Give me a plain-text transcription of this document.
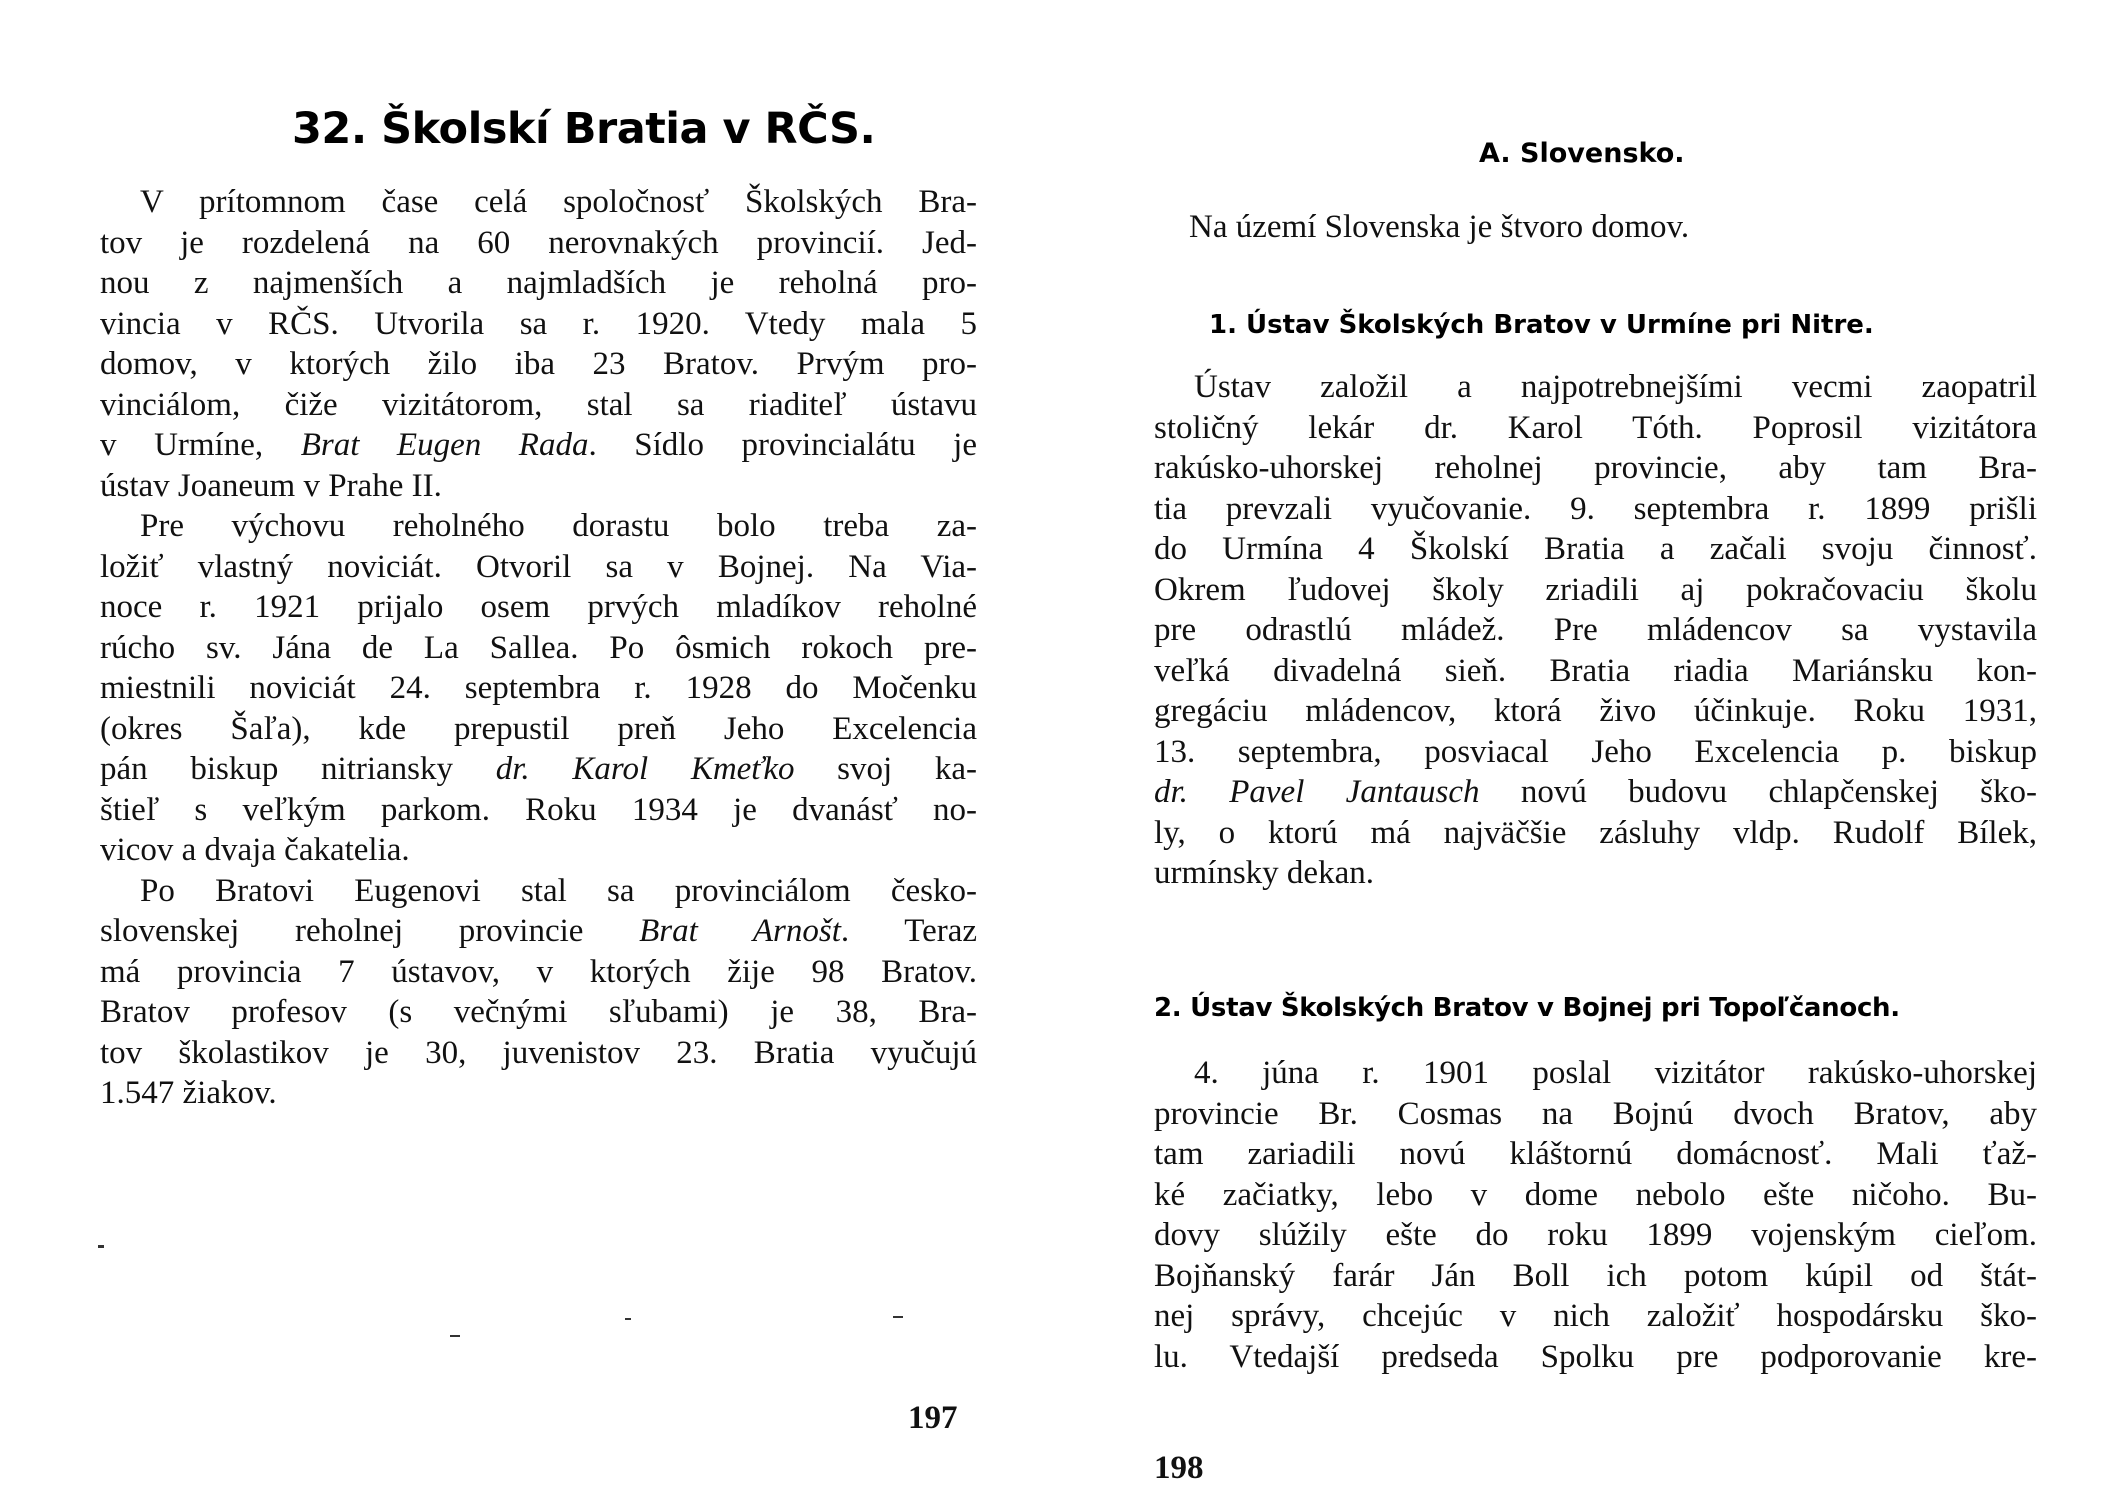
32. Školskí Bratia v RČS.
V prítomnom čase celá spoločnosť Školských Bra-
tov je rozdelená na 60 nerovnakých provincií. Jed-
nou z najmenších a najmladších je reholná pro-
vincia v RČS. Utvorila sa r. 1920. Vtedy mala 5
domov, v ktorých žilo iba 23 Bratov. Prvým pro-
vinciálom, čiže vizitátorom, stal sa riaditeľ ústavu
v Urmíne, Brat Eugen Rada. Sídlo provincialátu je
ústav Joaneum v Prahe II.
Pre výchovu reholného dorastu bolo treba za-
ložiť vlastný noviciát. Otvoril sa v Bojnej. Na Via-
noce r. 1921 prijalo osem prvých mladíkov reholné
rúcho sv. Jána de La Sallea. Po ôsmich rokoch pre-
miestnili noviciát 24. septembra r. 1928 do Močenku
(okres Šaľa), kde prepustil preň Jeho Excelencia
pán biskup nitriansky dr. Karol Kmeťko svoj ka-
štieľ s veľkým parkom. Roku 1934 je dvanásť no-
vicov a dvaja čakatelia.
Po Bratovi Eugenovi stal sa provinciálom česko-
slovenskej reholnej provincie Brat Arnošt. Teraz
má provincia 7 ústavov, v ktorých žije 98 Bratov.
Bratov profesov (s večnými sľubami) je 38, Bra-
tov školastikov je 30, juvenistov 23. Bratia vyučujú
1.547 žiakov.
197
A. Slovensko.
Na území Slovenska je štvoro domov.
1. Ústav Školských Bratov v Urmíne pri Nitre.
Ústav založil a najpotrebnejšími vecmi zaopatril
stoličný lekár dr. Karol Tóth. Poprosil vizitátora
rakúsko-uhorskej reholnej provincie, aby tam Bra-
tia prevzali vyučovanie. 9. septembra r. 1899 prišli
do Urmína 4 Školskí Bratia a začali svoju činnosť.
Okrem ľudovej školy zriadili aj pokračovaciu školu
pre odrastlú mládež. Pre mládencov sa vystavila
veľká divadelná sieň. Bratia riadia Mariánsku kon-
gregáciu mládencov, ktorá živo účinkuje. Roku 1931,
13. septembra, posviacal Jeho Excelencia p. biskup
dr. Pavel Jantausch novú budovu chlapčenskej ško-
ly, o ktorú má najväčšie zásluhy vldp. Rudolf Bílek,
urmínsky dekan.
2. Ústav Školských Bratov v Bojnej pri Topoľčanoch.
4. júna r. 1901 poslal vizitátor rakúsko-uhorskej
provincie Br. Cosmas na Bojnú dvoch Bratov, aby
tam zariadili novú kláštornú domácnosť. Mali ťaž-
ké začiatky, lebo v dome nebolo ešte ničoho. Bu-
dovy slúžily ešte do roku 1899 vojenským cieľom.
Bojňanský farár Ján Boll ich potom kúpil od štát-
nej správy, chcejúc v nich založiť hospodársku ško-
lu. Vtedajší predseda Spolku pre podporovanie kre-
198
